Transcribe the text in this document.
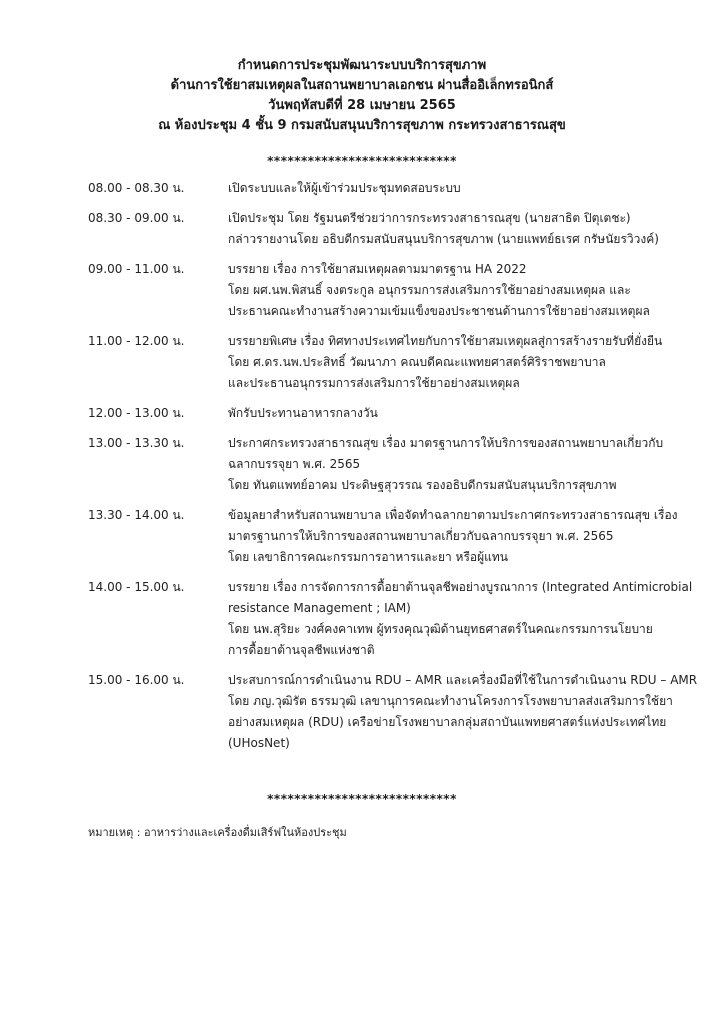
กำหนดการประชุมพัฒนาระบบบริการสุขภาพ
ด้านการใช้ยาสมเหตุผลในสถานพยาบาลเอกชน ผ่านสื่ออิเล็กทรอนิกส์
วันพฤหัสบดีที่ 28 เมษายน 2565
ณ ห้องประชุม 4 ชั้น 9 กรมสนับสนุนบริการสุขภาพ กระทรวงสาธารณสุข
****************************
08.00 - 08.30 น.	เปิดระบบและให้ผู้เข้าร่วมประชุมทดสอบระบบ
08.30 - 09.00 น.	เปิดประชุม โดย รัฐมนตรีช่วยว่าการกระทรวงสาธารณสุข (นายสาธิต ปิตุเตชะ)
กล่าวรายงานโดย อธิบดีกรมสนับสนุนบริการสุขภาพ (นายแพทย์ธเรศ กรัษนัยรวิวงค์)
09.00 - 11.00 น.	บรรยาย เรื่อง การใช้ยาสมเหตุผลตามมาตรฐาน HA 2022
โดย ผศ.นพ.พิสนธิ์ จงตระกูล อนุกรรมการส่งเสริมการใช้ยาอย่างสมเหตุผล และ
ประธานคณะทำงานสร้างความเข้มแข็งของประชาชนด้านการใช้ยาอย่างสมเหตุผล
11.00 - 12.00 น.	บรรยายพิเศษ เรื่อง ทิศทางประเทศไทยกับการใช้ยาสมเหตุผลสู่การสร้างรายรับที่ยั่งยืน
โดย ศ.ดร.นพ.ประสิทธิ์ วัฒนาภา คณบดีคณะแพทยศาสตร์ศิริราชพยาบาล
และประธานอนุกรรมการส่งเสริมการใช้ยาอย่างสมเหตุผล
12.00 - 13.00 น.	พักรับประทานอาหารกลางวัน
13.00 - 13.30 น.	ประกาศกระทรวงสาธารณสุข เรื่อง มาตรฐานการให้บริการของสถานพยาบาลเกี่ยวกับ
ฉลากบรรจุยา พ.ศ. 2565
โดย ทันตแพทย์อาคม ประดิษฐสุวรรณ รองอธิบดีกรมสนับสนุนบริการสุขภาพ
13.30 - 14.00 น.	ข้อมูลยาสำหรับสถานพยาบาล เพื่อจัดทำฉลากยาตามประกาศกระทรวงสาธารณสุข เรื่อง
มาตรฐานการให้บริการของสถานพยาบาลเกี่ยวกับฉลากบรรจุยา พ.ศ. 2565
โดย เลขาธิการคณะกรรมการอาหารและยา หรือผู้แทน
14.00 - 15.00 น.	บรรยาย เรื่อง การจัดการการดื้อยาต้านจุลชีพอย่างบูรณาการ (Integrated Antimicrobial
resistance Management ; IAM)
โดย นพ.สุริยะ วงศ์คงคาเทพ ผู้ทรงคุณวุฒิด้านยุทธศาสตร์ในคณะกรรมการนโยบาย
การดื้อยาต้านจุลชีพแห่งชาติ
15.00 - 16.00 น.	ประสบการณ์การดำเนินงาน RDU – AMR และเครื่องมือที่ใช้ในการดำเนินงาน RDU – AMR
โดย ภญ.วุฒิรัต ธรรมวุฒิ เลขานุการคณะทำงานโครงการโรงพยาบาลส่งเสริมการใช้ยา
อย่างสมเหตุผล (RDU) เครือข่ายโรงพยาบาลกลุ่มสถาบันแพทยศาสตร์แห่งประเทศไทย
(UHosNet)
****************************
หมายเหตุ : อาหารว่างและเครื่องดื่มเสิร์ฟในห้องประชุม
